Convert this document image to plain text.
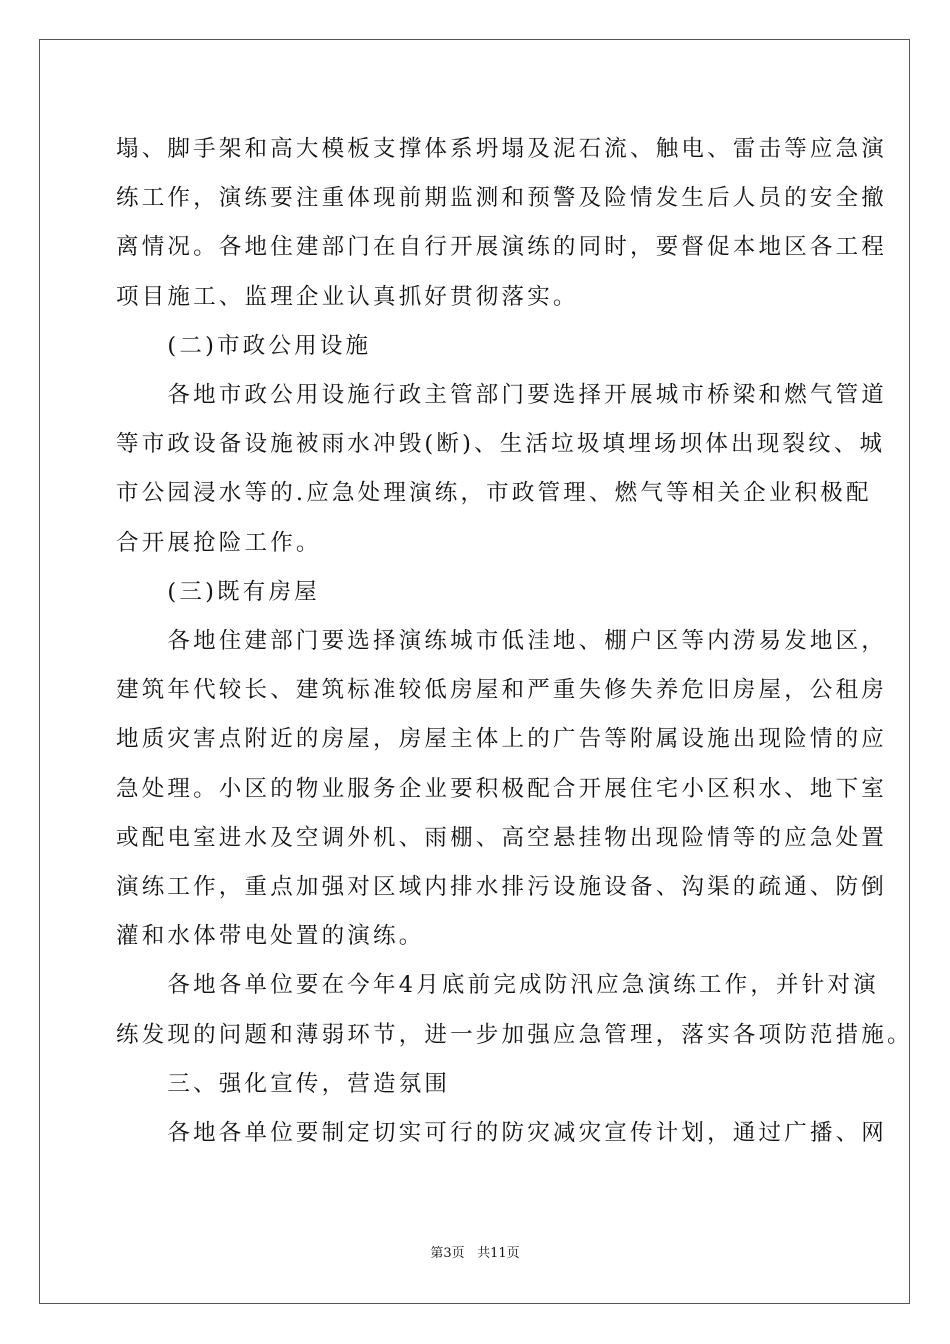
塌、脚手架和高大模板支撑体系坍塌及泥石流、触电、雷击等应急演
练工作，演练要注重体现前期监测和预警及险情发生后人员的安全撤
离情况。各地住建部门在自行开展演练的同时，要督促本地区各工程
项目施工、监理企业认真抓好贯彻落实。
　　(二)市政公用设施
　　各地市政公用设施行政主管部门要选择开展城市桥梁和燃气管道
等市政设备设施被雨水冲毁(断)、生活垃圾填埋场坝体出现裂纹、城
市公园浸水等的.应急处理演练，市政管理、燃气等相关企业积极配
合开展抢险工作。
　　(三)既有房屋
　　各地住建部门要选择演练城市低洼地、棚户区等内涝易发地区，
建筑年代较长、建筑标准较低房屋和严重失修失养危旧房屋，公租房
地质灾害点附近的房屋，房屋主体上的广告等附属设施出现险情的应
急处理。小区的物业服务企业要积极配合开展住宅小区积水、地下室
或配电室进水及空调外机、雨棚、高空悬挂物出现险情等的应急处置
演练工作，重点加强对区域内排水排污设施设备、沟渠的疏通、防倒
灌和水体带电处置的演练。
　　各地各单位要在今年4月底前完成防汛应急演练工作，并针对演
练发现的问题和薄弱环节，进一步加强应急管理，落实各项防范措施。
　　三、强化宣传，营造氛围
　　各地各单位要制定切实可行的防灾减灾宣传计划，通过广播、网
第3页 共11页
